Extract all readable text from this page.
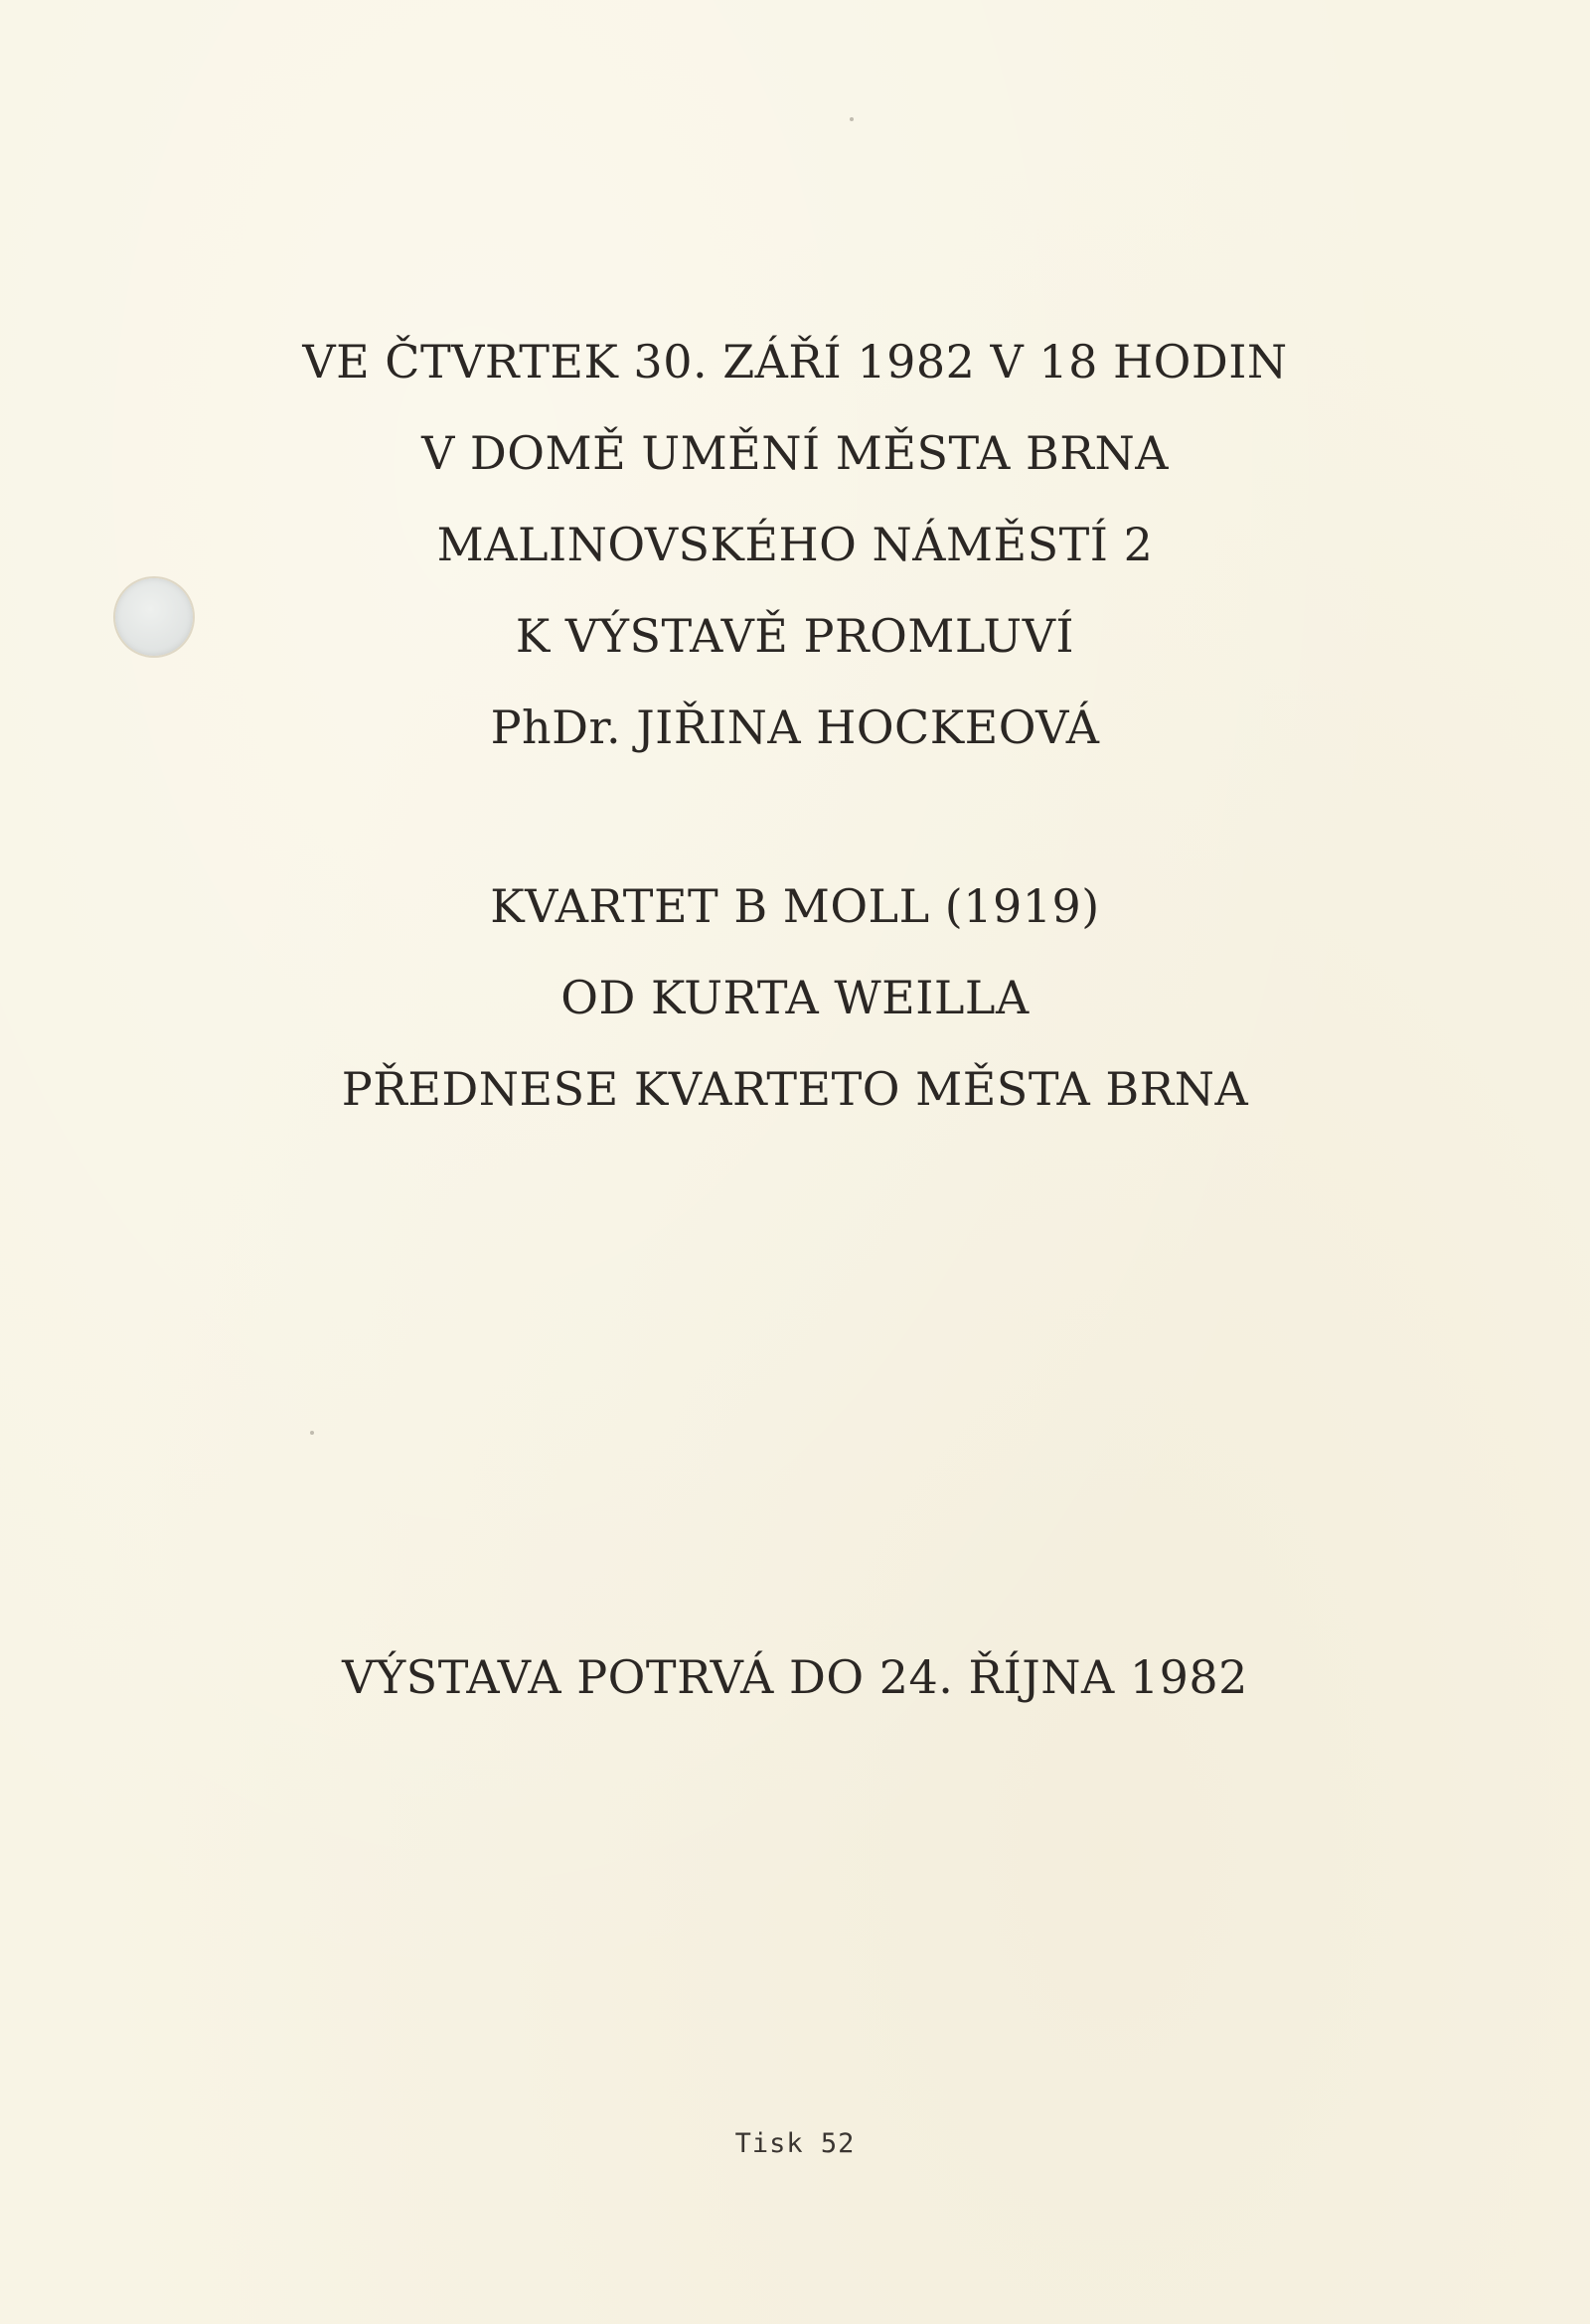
VE ČTVRTEK 30. ZÁŘÍ 1982 V 18 HODIN
V DOMĚ UMĚNÍ MĚSTA BRNA
MALINOVSKÉHO NÁMĚSTÍ 2
K VÝSTAVĚ PROMLUVÍ
PhDr. JIŘINA HOCKEOVÁ
KVARTET B MOLL (1919)
OD KURTA WEILLA
PŘEDNESE KVARTETO MĚSTA BRNA
VÝSTAVA POTRVÁ DO 24. ŘÍJNA 1982
Tisk 52
